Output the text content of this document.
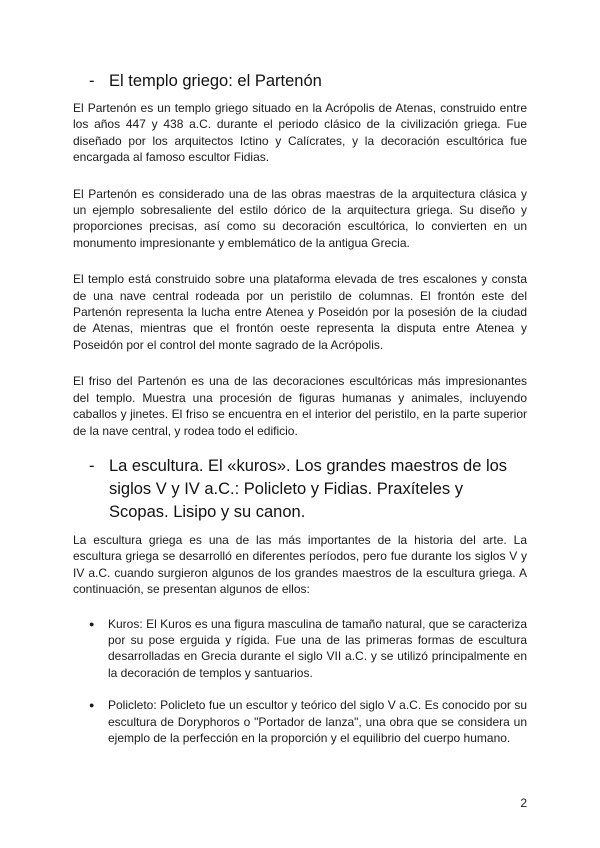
- El templo griego: el Partenón

El Partenón es un templo griego situado en la Acrópolis de Atenas, construido entre los años 447 y 438 a.C. durante el periodo clásico de la civilización griega. Fue diseñado por los arquitectos Ictino y Calícrates, y la decoración escultórica fue encargada al famoso escultor Fidias.

El Partenón es considerado una de las obras maestras de la arquitectura clásica y un ejemplo sobresaliente del estilo dórico de la arquitectura griega. Su diseño y proporciones precisas, así como su decoración escultórica, lo convierten en un monumento impresionante y emblemático de la antigua Grecia.

El templo está construido sobre una plataforma elevada de tres escalones y consta de una nave central rodeada por un peristilo de columnas. El frontón este del Partenón representa la lucha entre Atenea y Poseidón por la posesión de la ciudad de Atenas, mientras que el frontón oeste representa la disputa entre Atenea y Poseidón por el control del monte sagrado de la Acrópolis.

El friso del Partenón es una de las decoraciones escultóricas más impresionantes del templo. Muestra una procesión de figuras humanas y animales, incluyendo caballos y jinetes. El friso se encuentra en el interior del peristilo, en la parte superior de la nave central, y rodea todo el edificio.

- La escultura. El «kuros». Los grandes maestros de los siglos V y IV a.C.: Policleto y Fidias. Praxíteles y Scopas. Lisipo y su canon.

La escultura griega es una de las más importantes de la historia del arte. La escultura griega se desarrolló en diferentes períodos, pero fue durante los siglos V y IV a.C. cuando surgieron algunos de los grandes maestros de la escultura griega. A continuación, se presentan algunos de ellos:

●	Kuros: El Kuros es una figura masculina de tamaño natural, que se caracteriza por su pose erguida y rígida. Fue una de las primeras formas de escultura desarrolladas en Grecia durante el siglo VII a.C. y se utilizó principalmente en la decoración de templos y santuarios.
●	Policleto: Policleto fue un escultor y teórico del siglo V a.C. Es conocido por su escultura de Doryphoros o "Portador de lanza", una obra que se considera un ejemplo de la perfección en la proporción y el equilibrio del cuerpo humano.
2
